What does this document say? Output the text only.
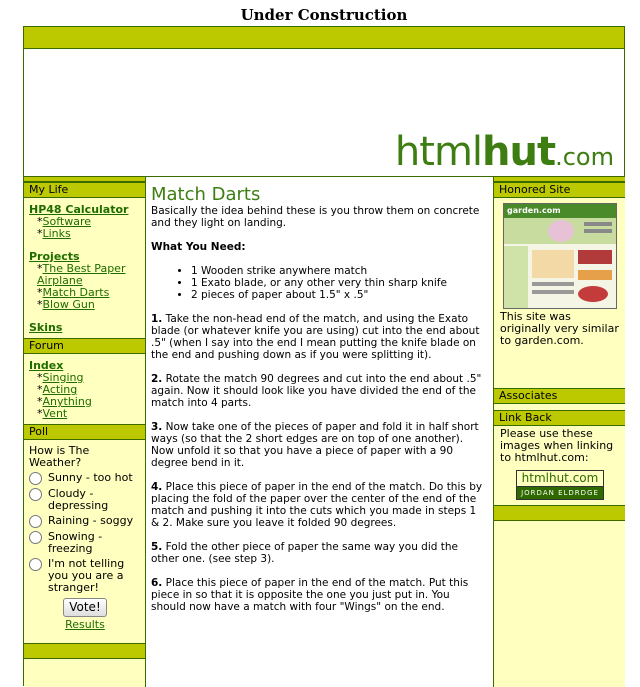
Under Construction
htmlhut.com
My Life
HP48 Calculator
*Software
*Links
Projects
*The Best Paper Airplane
*Match Darts
*Blow Gun
Skins
Forum
Index
*Singing
*Acting
*Anything
*Vent
Poll
How is The Weather?
Sunny - too hot
Cloudy - depressing
Raining - soggy
Snowing - freezing
I'm not telling you you are a stranger!
Vote!
Results
Match Darts

Basically the idea behind these is you throw them on concrete and they light on landing.

What You Need:

• 1 Wooden strike anywhere match
• 1 Exato blade, or any other very thin sharp knife
• 2 pieces of paper about 1.5" x .5"

1. Take the non-head end of the match, and using the Exato blade (or whatever knife you are using) cut into the end about .5" (when I say into the end I mean putting the knife blade on the end and pushing down as if you were splitting it).

2. Rotate the match 90 degrees and cut into the end about .5" again. Now it should look like you have divided the end of the match into 4 parts.

3. Now take one of the pieces of paper and fold it in half short ways (so that the 2 short edges are on top of one another). Now unfold it so that you have a piece of paper with a 90 degree bend in it.

4. Place this piece of paper in the end of the match. Do this by placing the fold of the paper over the center of the end of the match and pushing it into the cuts which you made in steps 1 & 2. Make sure you leave it folded 90 degrees.

5. Fold the other piece of paper the same way you did the other one. (see step 3).

6. Place this piece of paper in the end of the match. Put this piece in so that it is opposite the one you just put in. You should now have a match with four "Wings" on the end.

Honored Site
garden.com
This site was originally very similar to garden.com.
Associates
Link Back
Please use these images when linking to htmlhut.com:
htmlhut.com
JORDAN ELDRDGE
